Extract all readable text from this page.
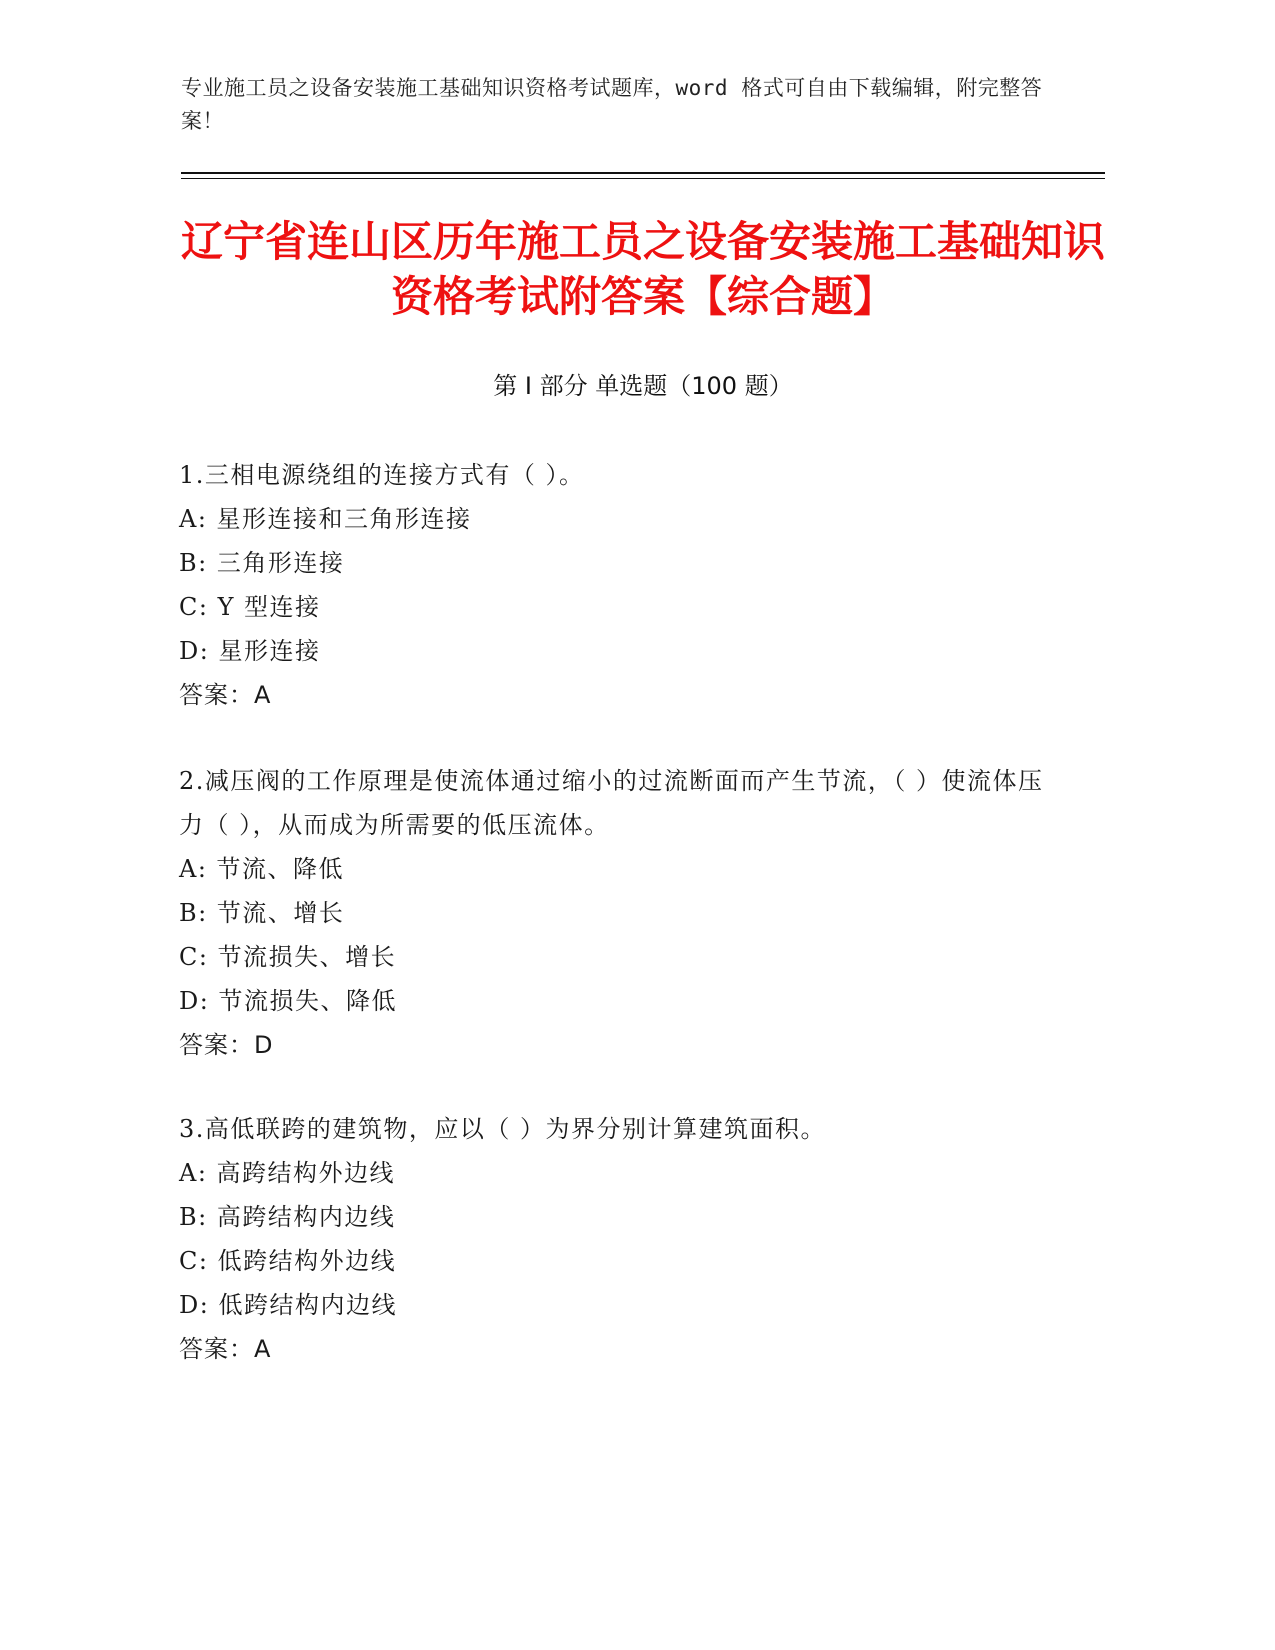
专业施工员之设备安装施工基础知识资格考试题库，word 格式可自由下载编辑，附完整答案！
辽宁省连山区历年施工员之设备安装施工基础知识资格考试附答案【综合题】
第 I 部分 单选题（100 题）

1.三相电源绕组的连接方式有（ ）。

A: 星形连接和三角形连接

B: 三角形连接

C: Y 型连接

D: 星形连接

答案：A

2.减压阀的工作原理是使流体通过缩小的过流断面而产生节流，（ ）使流体压力（ ），从而成为所需要的低压流体。

A: 节流、降低

B: 节流、增长

C: 节流损失、增长

D: 节流损失、降低

答案：D

3.高低联跨的建筑物，应以（ ）为界分别计算建筑面积。

A: 高跨结构外边线

B: 高跨结构内边线

C: 低跨结构外边线

D: 低跨结构内边线

答案：A
